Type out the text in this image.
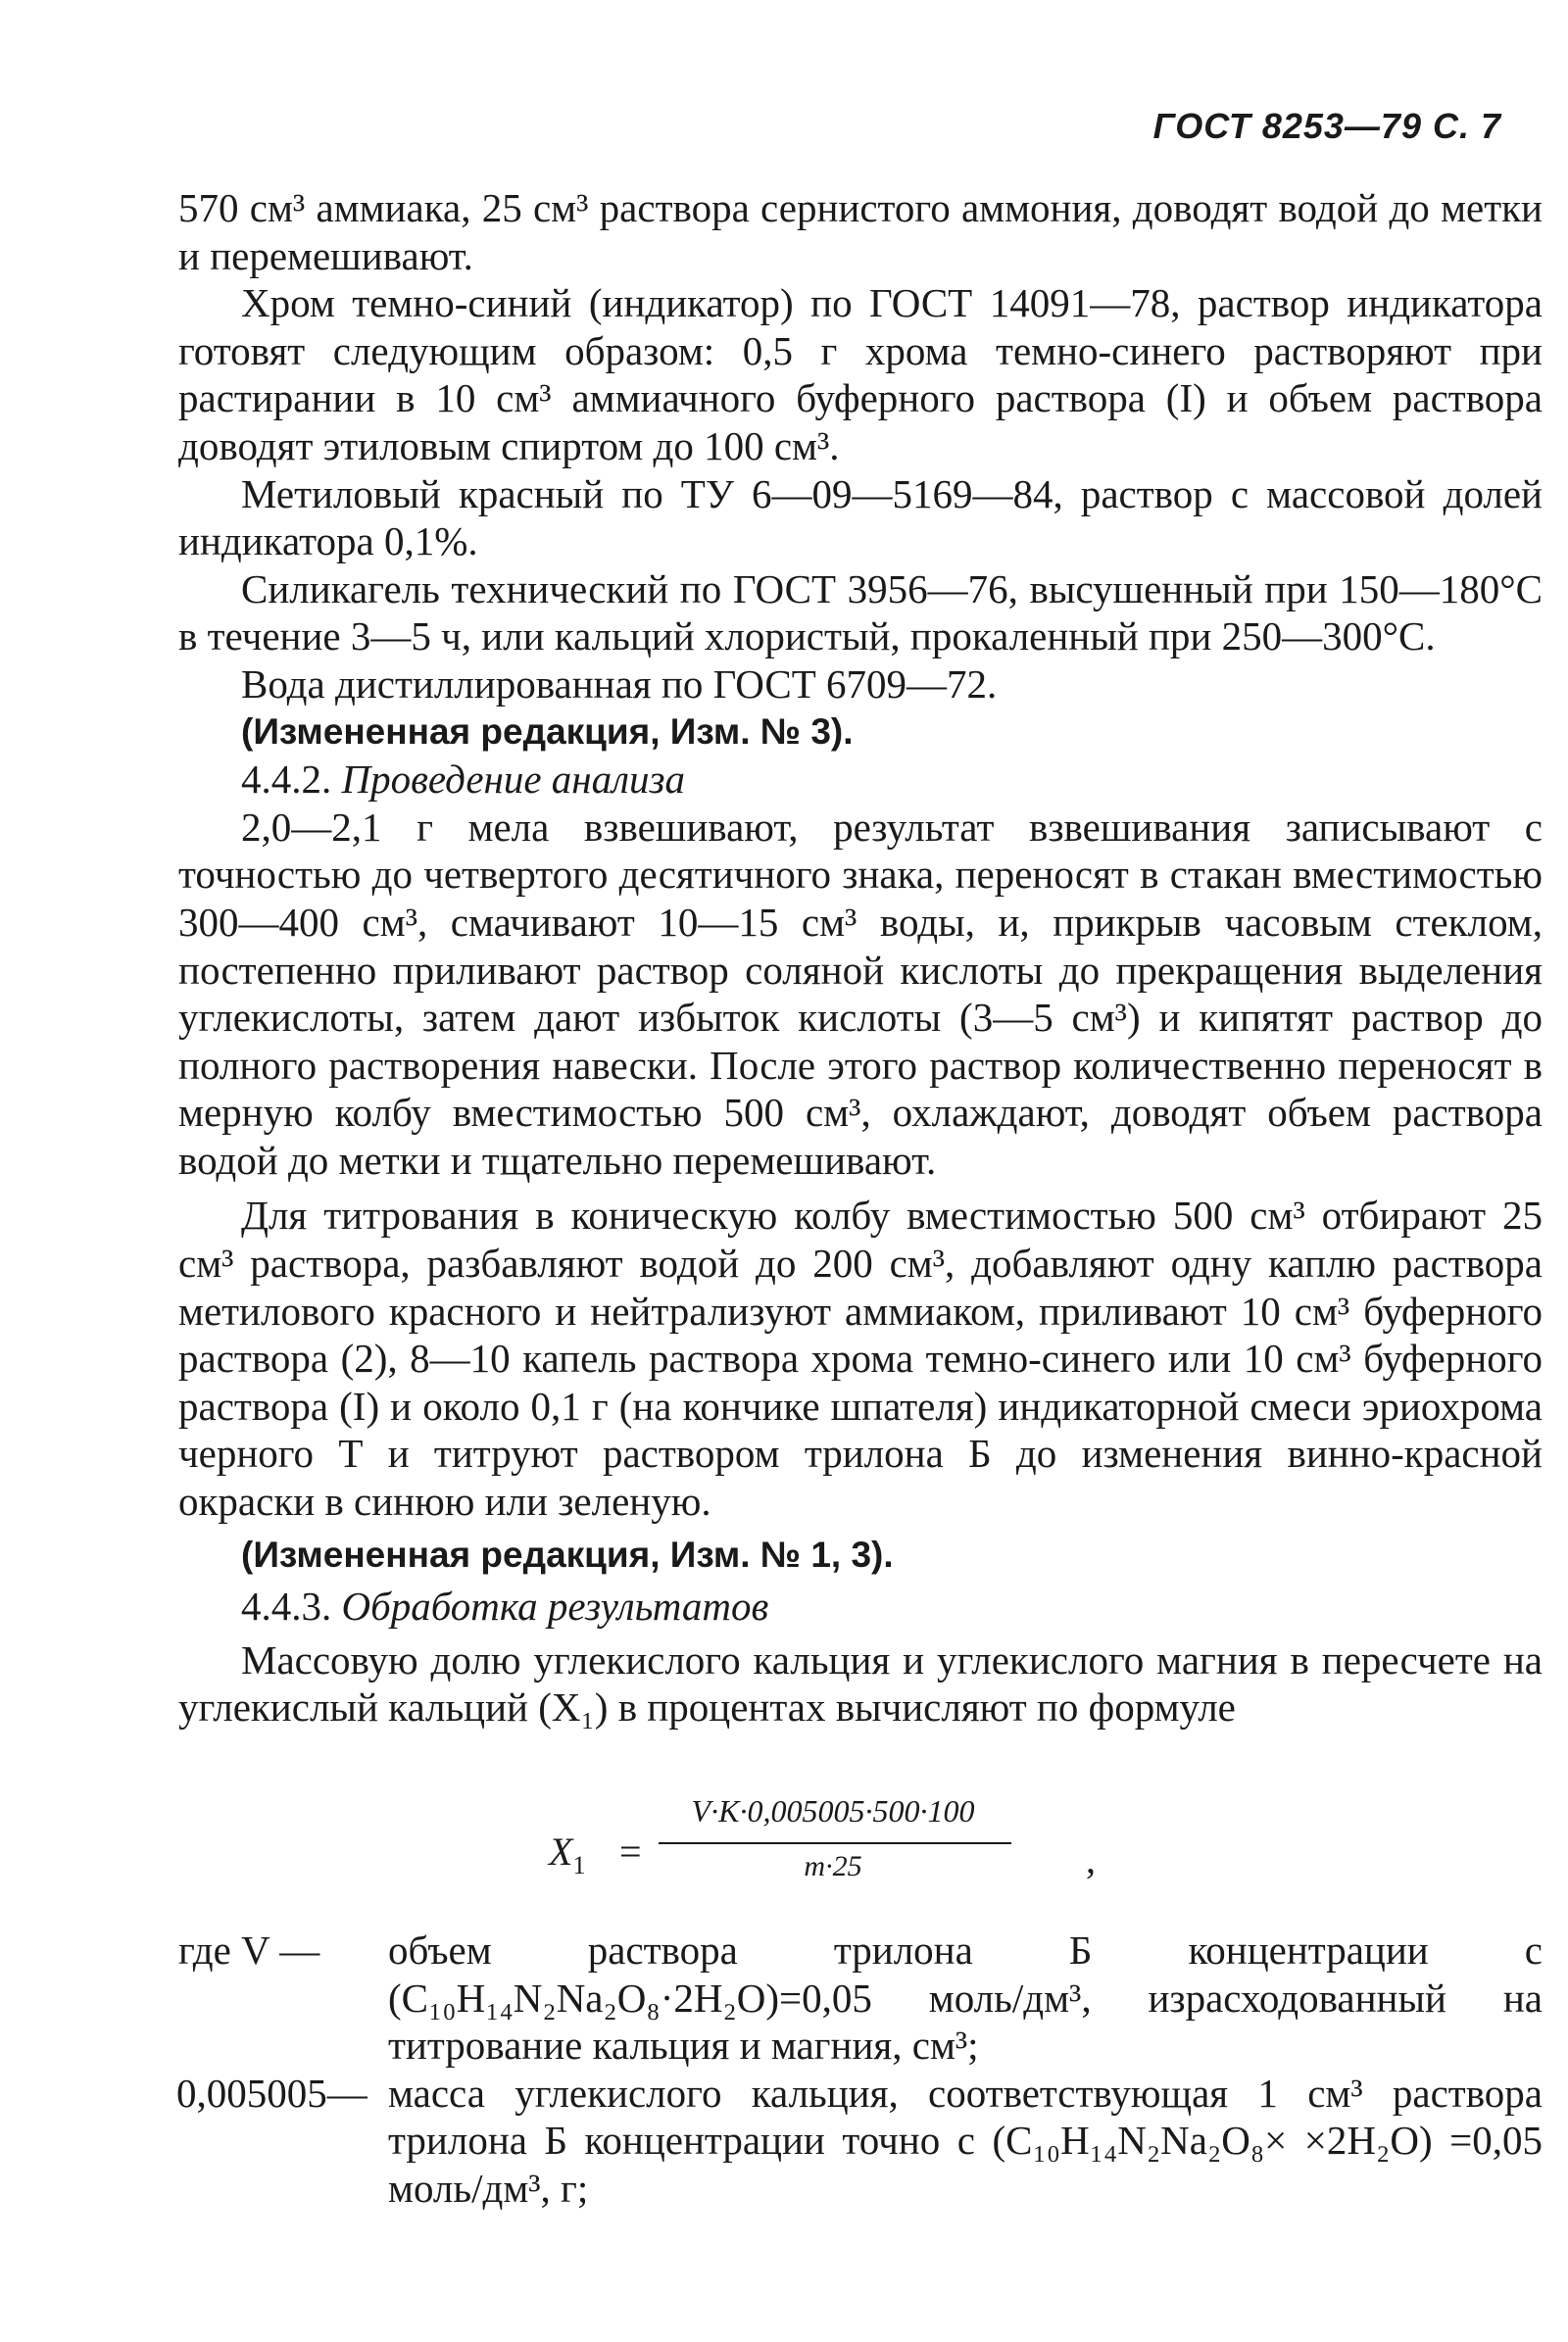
ГОСТ 8253—79 С. 7

570 см³ аммиака, 25 см³ раствора сернистого аммония, доводят водой до метки и перемешивают.

Хром темно-синий (индикатор) по ГОСТ 14091—78, раствор индикатора готовят следующим образом: 0,5 г хрома темно-синего растворяют при растирании в 10 см³ аммиачного буферного раствора (I) и объем раствора доводят этиловым спиртом до 100 см³.

Метиловый красный по ТУ 6—09—5169—84, раствор с массовой долей индикатора 0,1%.

Силикагель технический по ГОСТ 3956—76, высушенный при 150—180°С в течение 3—5 ч, или кальций хлористый, прокаленный при 250—300°С.

Вода дистиллированная по ГОСТ 6709—72.

(Измененная редакция, Изм. № 3).

4.4.2. Проведение анализа

2,0—2,1 г мела взвешивают, результат взвешивания записывают с точностью до четвертого десятичного знака, переносят в стакан вместимостью 300—400 см³, смачивают 10—15 см³ воды, и, прикрыв часовым стеклом, постепенно приливают раствор соляной кислоты до прекращения выделения углекислоты, затем дают избыток кислоты (3—5 см³) и кипятят раствор до полного растворения навески. После этого раствор количественно переносят в мерную колбу вместимостью 500 см³, охлаждают, доводят объем раствора водой до метки и тщательно перемешивают.

Для титрования в коническую колбу вместимостью 500 см³ отбирают 25 см³ раствора, разбавляют водой до 200 см³, добавляют одну каплю раствора метилового красного и нейтрализуют аммиаком, приливают 10 см³ буферного раствора (2), 8—10 капель раствора хрома темно-синего или 10 см³ буферного раствора (I) и около 0,1 г (на кончике шпателя) индикаторной смеси эриохрома черного Т и титруют раствором трилона Б до изменения винно-красной окраски в синюю или зеленую.

(Измененная редакция, Изм. № 1, 3).

4.4.3. Обработка результатов

Массовую долю углекислого кальция и углекислого магния в пересчете на углекислый кальций (X₁) в процентах вычисляют по формуле

$X_1$ =
V·K·0,005005·500·100
m·25	,
где V — объем раствора трилона Б концентрации c (C₁₀H₁₄N₂Na₂O₈·2H₂O)=0,05 моль/дм³, израсходованный на титрование кальция и магния, см³;
0,005005— масса углекислого кальция, соответствующая 1 см³ раствора трилона Б концентрации точно c (C₁₀H₁₄N₂Na₂O₈× ×2H₂O) =0,05 моль/дм³, г;
